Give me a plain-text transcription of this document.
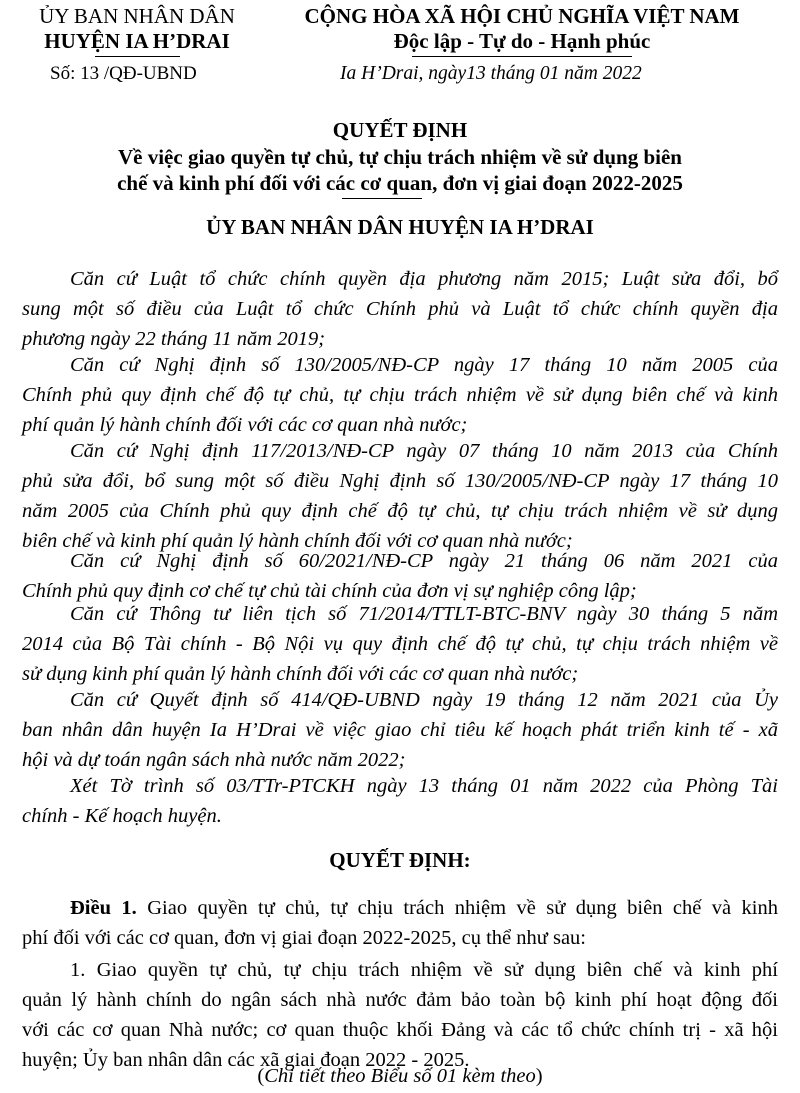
ỦY BAN NHÂN DÂN
HUYỆN IA H’DRAI
CỘNG HÒA XÃ HỘI CHỦ NGHĨA VIỆT NAM
Độc lập - Tự do - Hạnh phúc
Số: 13 /QĐ-UBND	Ia H’Drai, ngày13 tháng 01 năm 2022
QUYẾT ĐỊNH
Về việc giao quyền tự chủ, tự chịu trách nhiệm về sử dụng biên
chế và kinh phí đối với các cơ quan, đơn vị giai đoạn 2022-2025
ỦY BAN NHÂN DÂN HUYỆN IA H’DRAI
Căn cứ Luật tổ chức chính quyền địa phương năm 2015; Luật sửa đổi, bổ
sung một số điều của Luật tổ chức Chính phủ và Luật tổ chức chính quyền địa
phương ngày 22 tháng 11 năm 2019;
Căn cứ Nghị định số 130/2005/NĐ-CP ngày 17 tháng 10 năm 2005 của
Chính phủ quy định chế độ tự chủ, tự chịu trách nhiệm về sử dụng biên chế và kinh
phí quản lý hành chính đối với các cơ quan nhà nước;
Căn cứ Nghị định 117/2013/NĐ-CP ngày 07 tháng 10 năm 2013 của Chính
phủ sửa đổi, bổ sung một số điều Nghị định số 130/2005/NĐ-CP ngày 17 tháng 10
năm 2005 của Chính phủ quy định chế độ tự chủ, tự chịu trách nhiệm về sử dụng
biên chế và kinh phí quản lý hành chính đối với cơ quan nhà nước;
Căn cứ Nghị định số 60/2021/NĐ-CP ngày 21 tháng 06 năm 2021 của
Chính phủ quy định cơ chế tự chủ tài chính của đơn vị sự nghiệp công lập;
Căn cứ Thông tư liên tịch số 71/2014/TTLT-BTC-BNV ngày 30 tháng 5 năm
2014 của Bộ Tài chính - Bộ Nội vụ quy định chế độ tự chủ, tự chịu trách nhiệm về
sử dụng kinh phí quản lý hành chính đối với các cơ quan nhà nước;
Căn cứ Quyết định số 414/QĐ-UBND ngày 19 tháng 12 năm 2021 của Ủy
ban nhân dân huyện Ia H’Drai về việc giao chỉ tiêu kế hoạch phát triển kinh tế - xã
hội và dự toán ngân sách nhà nước năm 2022;
Xét Tờ trình số 03/TTr-PTCKH ngày 13 tháng 01 năm 2022 của Phòng Tài
chính - Kế hoạch huyện.
QUYẾT ĐỊNH:
Điều 1. Giao quyền tự chủ, tự chịu trách nhiệm về sử dụng biên chế và kinh
phí đối với các cơ quan, đơn vị giai đoạn 2022-2025, cụ thể như sau:
1. Giao quyền tự chủ, tự chịu trách nhiệm về sử dụng biên chế và kinh phí
quản lý hành chính do ngân sách nhà nước đảm bảo toàn bộ kinh phí hoạt động đối
với các cơ quan Nhà nước; cơ quan thuộc khối Đảng và các tổ chức chính trị - xã hội
huyện; Ủy ban nhân dân các xã giai đoạn 2022 - 2025.
(Chi tiết theo Biểu số 01 kèm theo)
